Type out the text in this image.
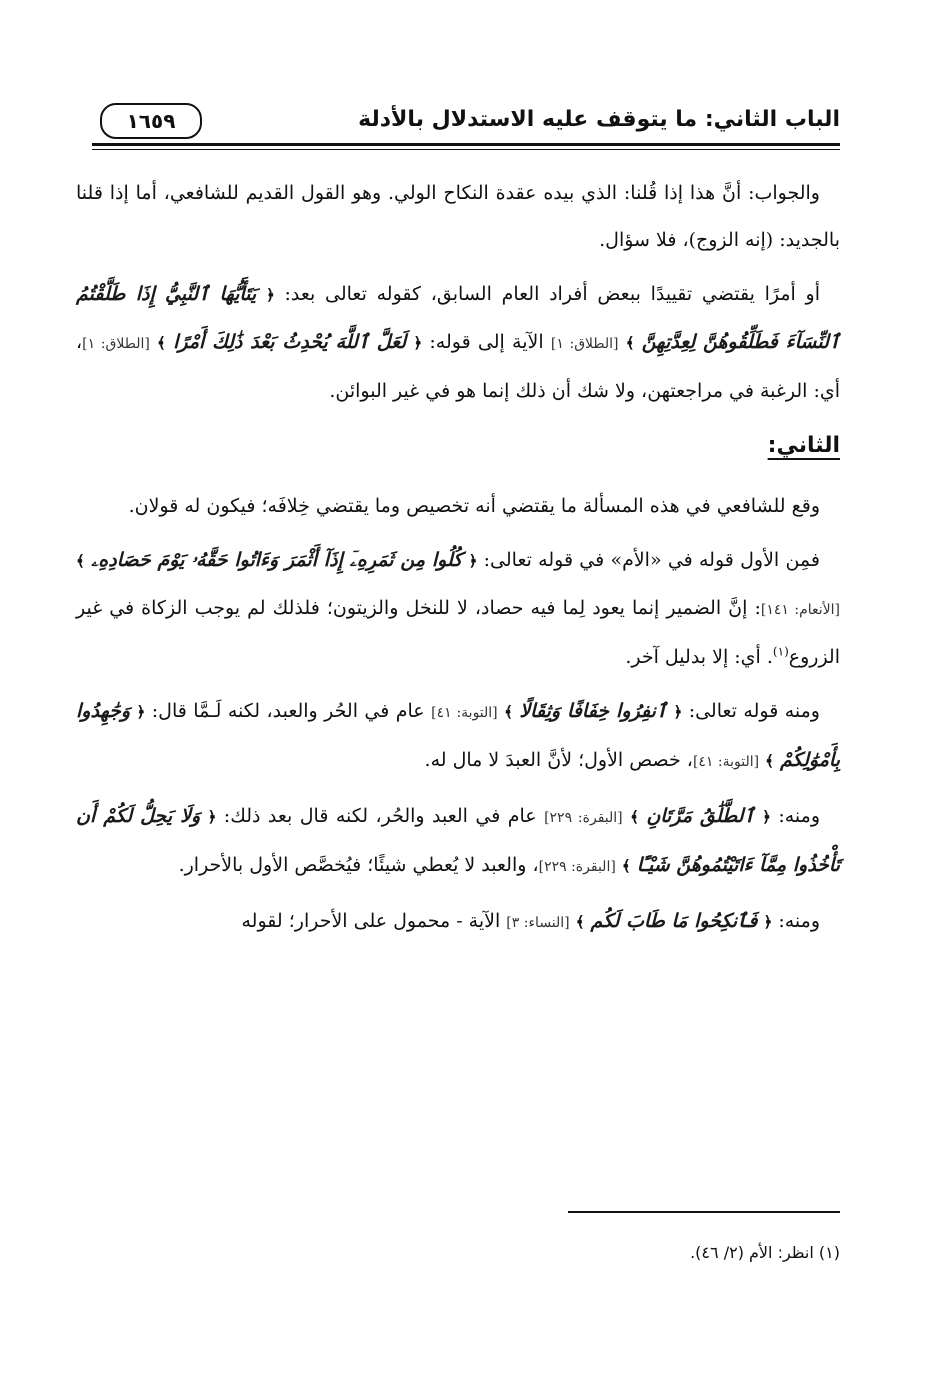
الباب الثاني: ما يتوقف عليه الاستدلال بالأدلة
١٦٥٩

والجواب: أنَّ هذا إذا قُلنا: الذي بيده عقدة النكاح الولي. وهو القول القديم للشافعي، أما إذا قلنا بالجديد: (إنه الزوج)، فلا سؤال.

أو أمرًا يقتضي تقييدًا ببعض أفراد العام السابق، كقوله تعالى بعد: ﴿ يَتَأَيُّهَا ٱلنَّبِيُّ إِذَا طَلَّقْتُمُ ٱلنِّسَآءَ فَطَلِّقُوهُنَّ لِعِدَّتِهِنَّ ﴾ [الطلاق: ١] الآية إلى قوله: ﴿ لَعَلَّ ٱللَّهَ يُحْدِثُ بَعْدَ ذَٰلِكَ أَمْرًا ﴾ [الطلاق: ١]، أي: الرغبة في مراجعتهن، ولا شك أن ذلك إنما هو في غير البوائن.

الثاني:

وقع للشافعي في هذه المسألة ما يقتضي أنه تخصيص وما يقتضي خِلافَه؛ فيكون له قولان.

فمِن الأول قوله في «الأم» في قوله تعالى: ﴿ كُلُوا مِن ثَمَرِهِۦٓ إِذَآ أَثْمَرَ وَءَاتُوا حَقَّهُۥ يَوْمَ حَصَادِهِۦ ﴾ [الأنعام: ١٤١]: إنَّ الضمير إنما يعود لِما فيه حصاد، لا للنخل والزيتون؛ فلذلك لم يوجب الزكاة في غير الزروع$^{(١)}$. أي: إلا بدليل آخر.

ومنه قوله تعالى: ﴿ ٱنفِرُوا خِفَافًا وَثِقَالًا ﴾ [التوبة: ٤١] عام في الحُر والعبد، لكنه لَـمَّا قال: ﴿ وَجَٰهِدُوا بِأَمْوَٰلِكُمْ ﴾ [التوبة: ٤١]، خصص الأول؛ لأنَّ العبدَ لا مال له.

ومنه: ﴿ ٱلطَّلَٰقُ مَرَّتَانِ ﴾ [البقرة: ٢٢٩] عام في العبد والحُر، لكنه قال بعد ذلك: ﴿ وَلَا يَحِلُّ لَكُمْ أَن تَأْخُذُوا مِمَّآ ءَاتَيْتُمُوهُنَّ شَيْـًٔا ﴾ [البقرة: ٢٢٩]، والعبد لا يُعطي شيئًا؛ فيُخصَّص الأول بالأحرار.

ومنه: ﴿ فَٱنكِحُوا مَا طَابَ لَكُم ﴾ [النساء: ٣] الآية - محمول على الأحرار؛ لقوله

(١) انظر: الأم (٢/ ٤٦).
